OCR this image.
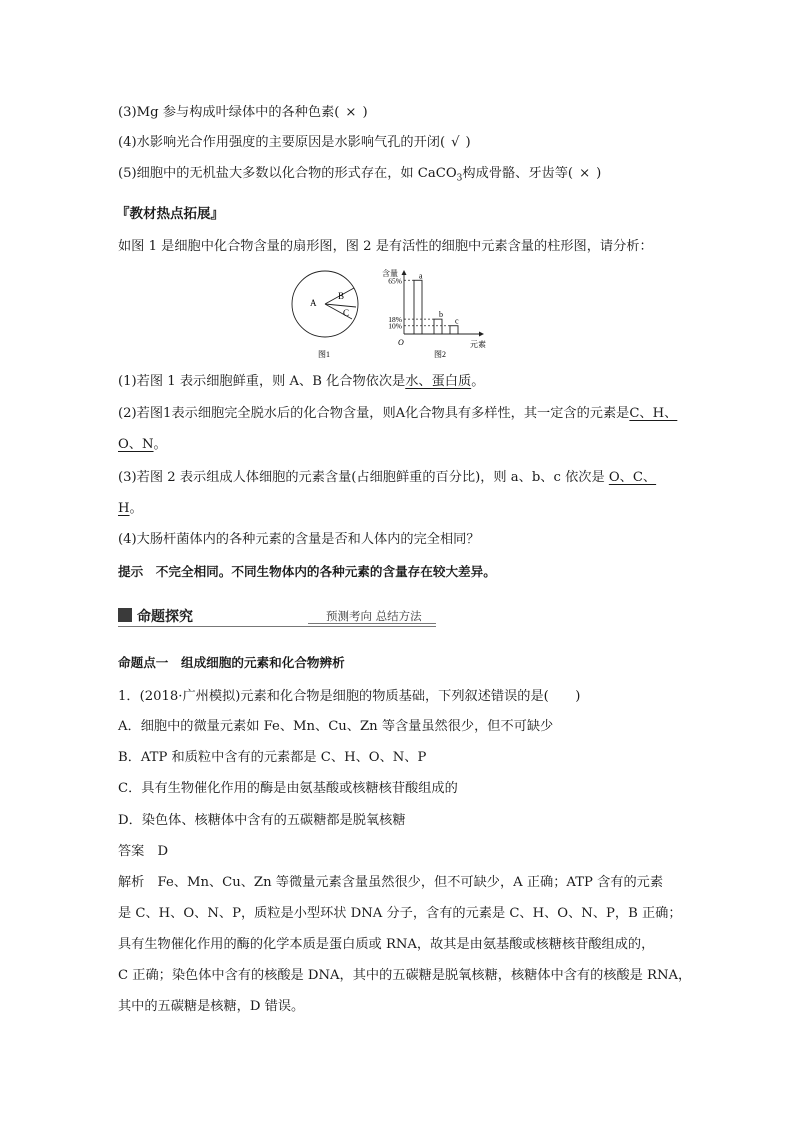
(3)Mg 参与构成叶绿体中的各种色素( × )
(4)水影响光合作用强度的主要原因是水影响气孔的开闭( √ )
(5)细胞中的无机盐大多数以化合物的形式存在，如 CaCO$_3$构成骨骼、牙齿等( × )
『教材热点拓展』
如图 1 是细胞中化合物含量的扇形图，图 2 是有活性的细胞中元素含量的柱形图，请分析：
A
B
C
图1
含量
元素
O
a
65%
b
18%	c
10%
图2
(1)若图 1 表示细胞鲜重，则 A、B 化合物依次是水、蛋白质。
(2)若图1表示细胞完全脱水后的化合物含量，则A化合物具有多样性，其一定含的元素是C、H、
O、N。
(3)若图 2 表示组成人体细胞的元素含量(占细胞鲜重的百分比)，则 a、b、c 依次是 O、C、
H。
(4)大肠杆菌体内的各种元素的含量是否和人体内的完全相同？
提示　不完全相同。不同生物体内的各种元素的含量存在较大差异。
命题探究	预测考向 总结方法
命题点一　组成细胞的元素和化合物辨析
1．(2018·广州模拟)元素和化合物是细胞的物质基础，下列叙述错误的是(　　)
A．细胞中的微量元素如 Fe、Mn、Cu、Zn 等含量虽然很少，但不可缺少
B．ATP 和质粒中含有的元素都是 C、H、O、N、P
C．具有生物催化作用的酶是由氨基酸或核糖核苷酸组成的
D．染色体、核糖体中含有的五碳糖都是脱氧核糖
答案　D
解析　Fe、Mn、Cu、Zn 等微量元素含量虽然很少，但不可缺少，A 正确；ATP 含有的元素
是 C、H、O、N、P，质粒是小型环状 DNA 分子，含有的元素是 C、H、O、N、P，B 正确；
具有生物催化作用的酶的化学本质是蛋白质或 RNA，故其是由氨基酸或核糖核苷酸组成的，
C 正确；染色体中含有的核酸是 DNA，其中的五碳糖是脱氧核糖，核糖体中含有的核酸是 RNA，
其中的五碳糖是核糖，D 错误。
